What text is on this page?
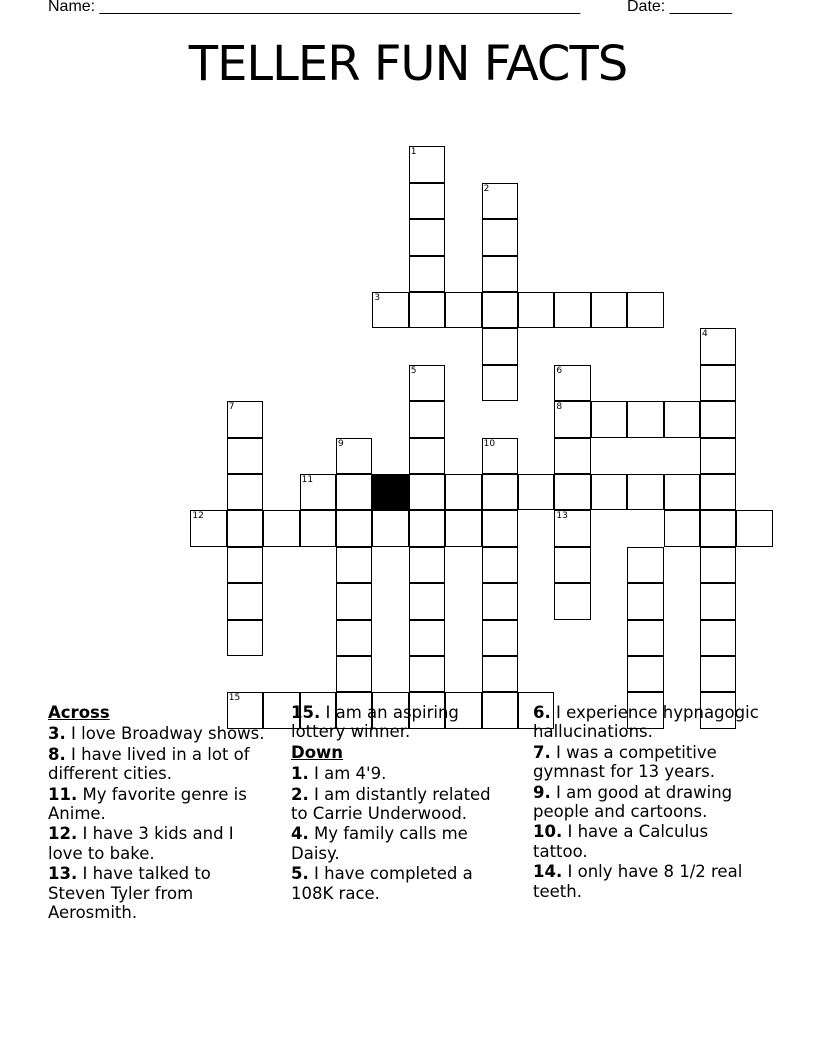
Name: ______________________________________________________	Date: _______
TELLER FUN FACTS
1
2
3
4
5	6
8
13
7
9	10
11
12
15
Across
3. I love Broadway shows.
8. I have lived in a lot of different cities.
11. My favorite genre is Anime.
12. I have 3 kids and I love to bake.
13. I have talked to Steven Tyler from Aerosmith.
15. I am an aspiring lottery winner.
Down
1. I am 4'9.
2. I am distantly related to Carrie Underwood.
4. My family calls me Daisy.
5. I have completed a 108K race.
6. I experience hypnagogic hallucinations.
7. I was a competitive gymnast for 13 years.
9. I am good at drawing people and cartoons.
10. I have a Calculus tattoo.
14. I only have 8 1/2 real teeth.
